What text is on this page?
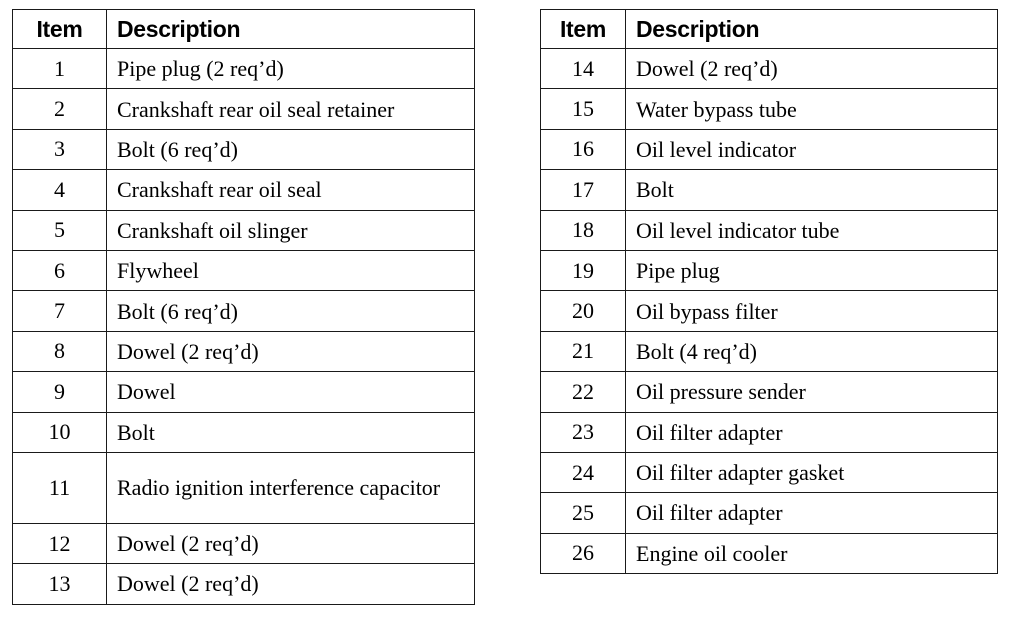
Item	Description
1	Pipe plug (2 req’d)
2	Crankshaft rear oil seal retainer
3	Bolt (6 req’d)
4	Crankshaft rear oil seal
5	Crankshaft oil slinger
6	Flywheel
7	Bolt (6 req’d)
8	Dowel (2 req’d)
9	Dowel
10	Bolt
11	Radio ignition interference capacitor
12	Dowel (2 req’d)
13	Dowel (2 req’d)
Item	Description
14	Dowel (2 req’d)
15	Water bypass tube
16	Oil level indicator
17	Bolt
18	Oil level indicator tube
19	Pipe plug
20	Oil bypass filter
21	Bolt (4 req’d)
22	Oil pressure sender
23	Oil filter adapter
24	Oil filter adapter gasket
25	Oil filter adapter
26	Engine oil cooler
